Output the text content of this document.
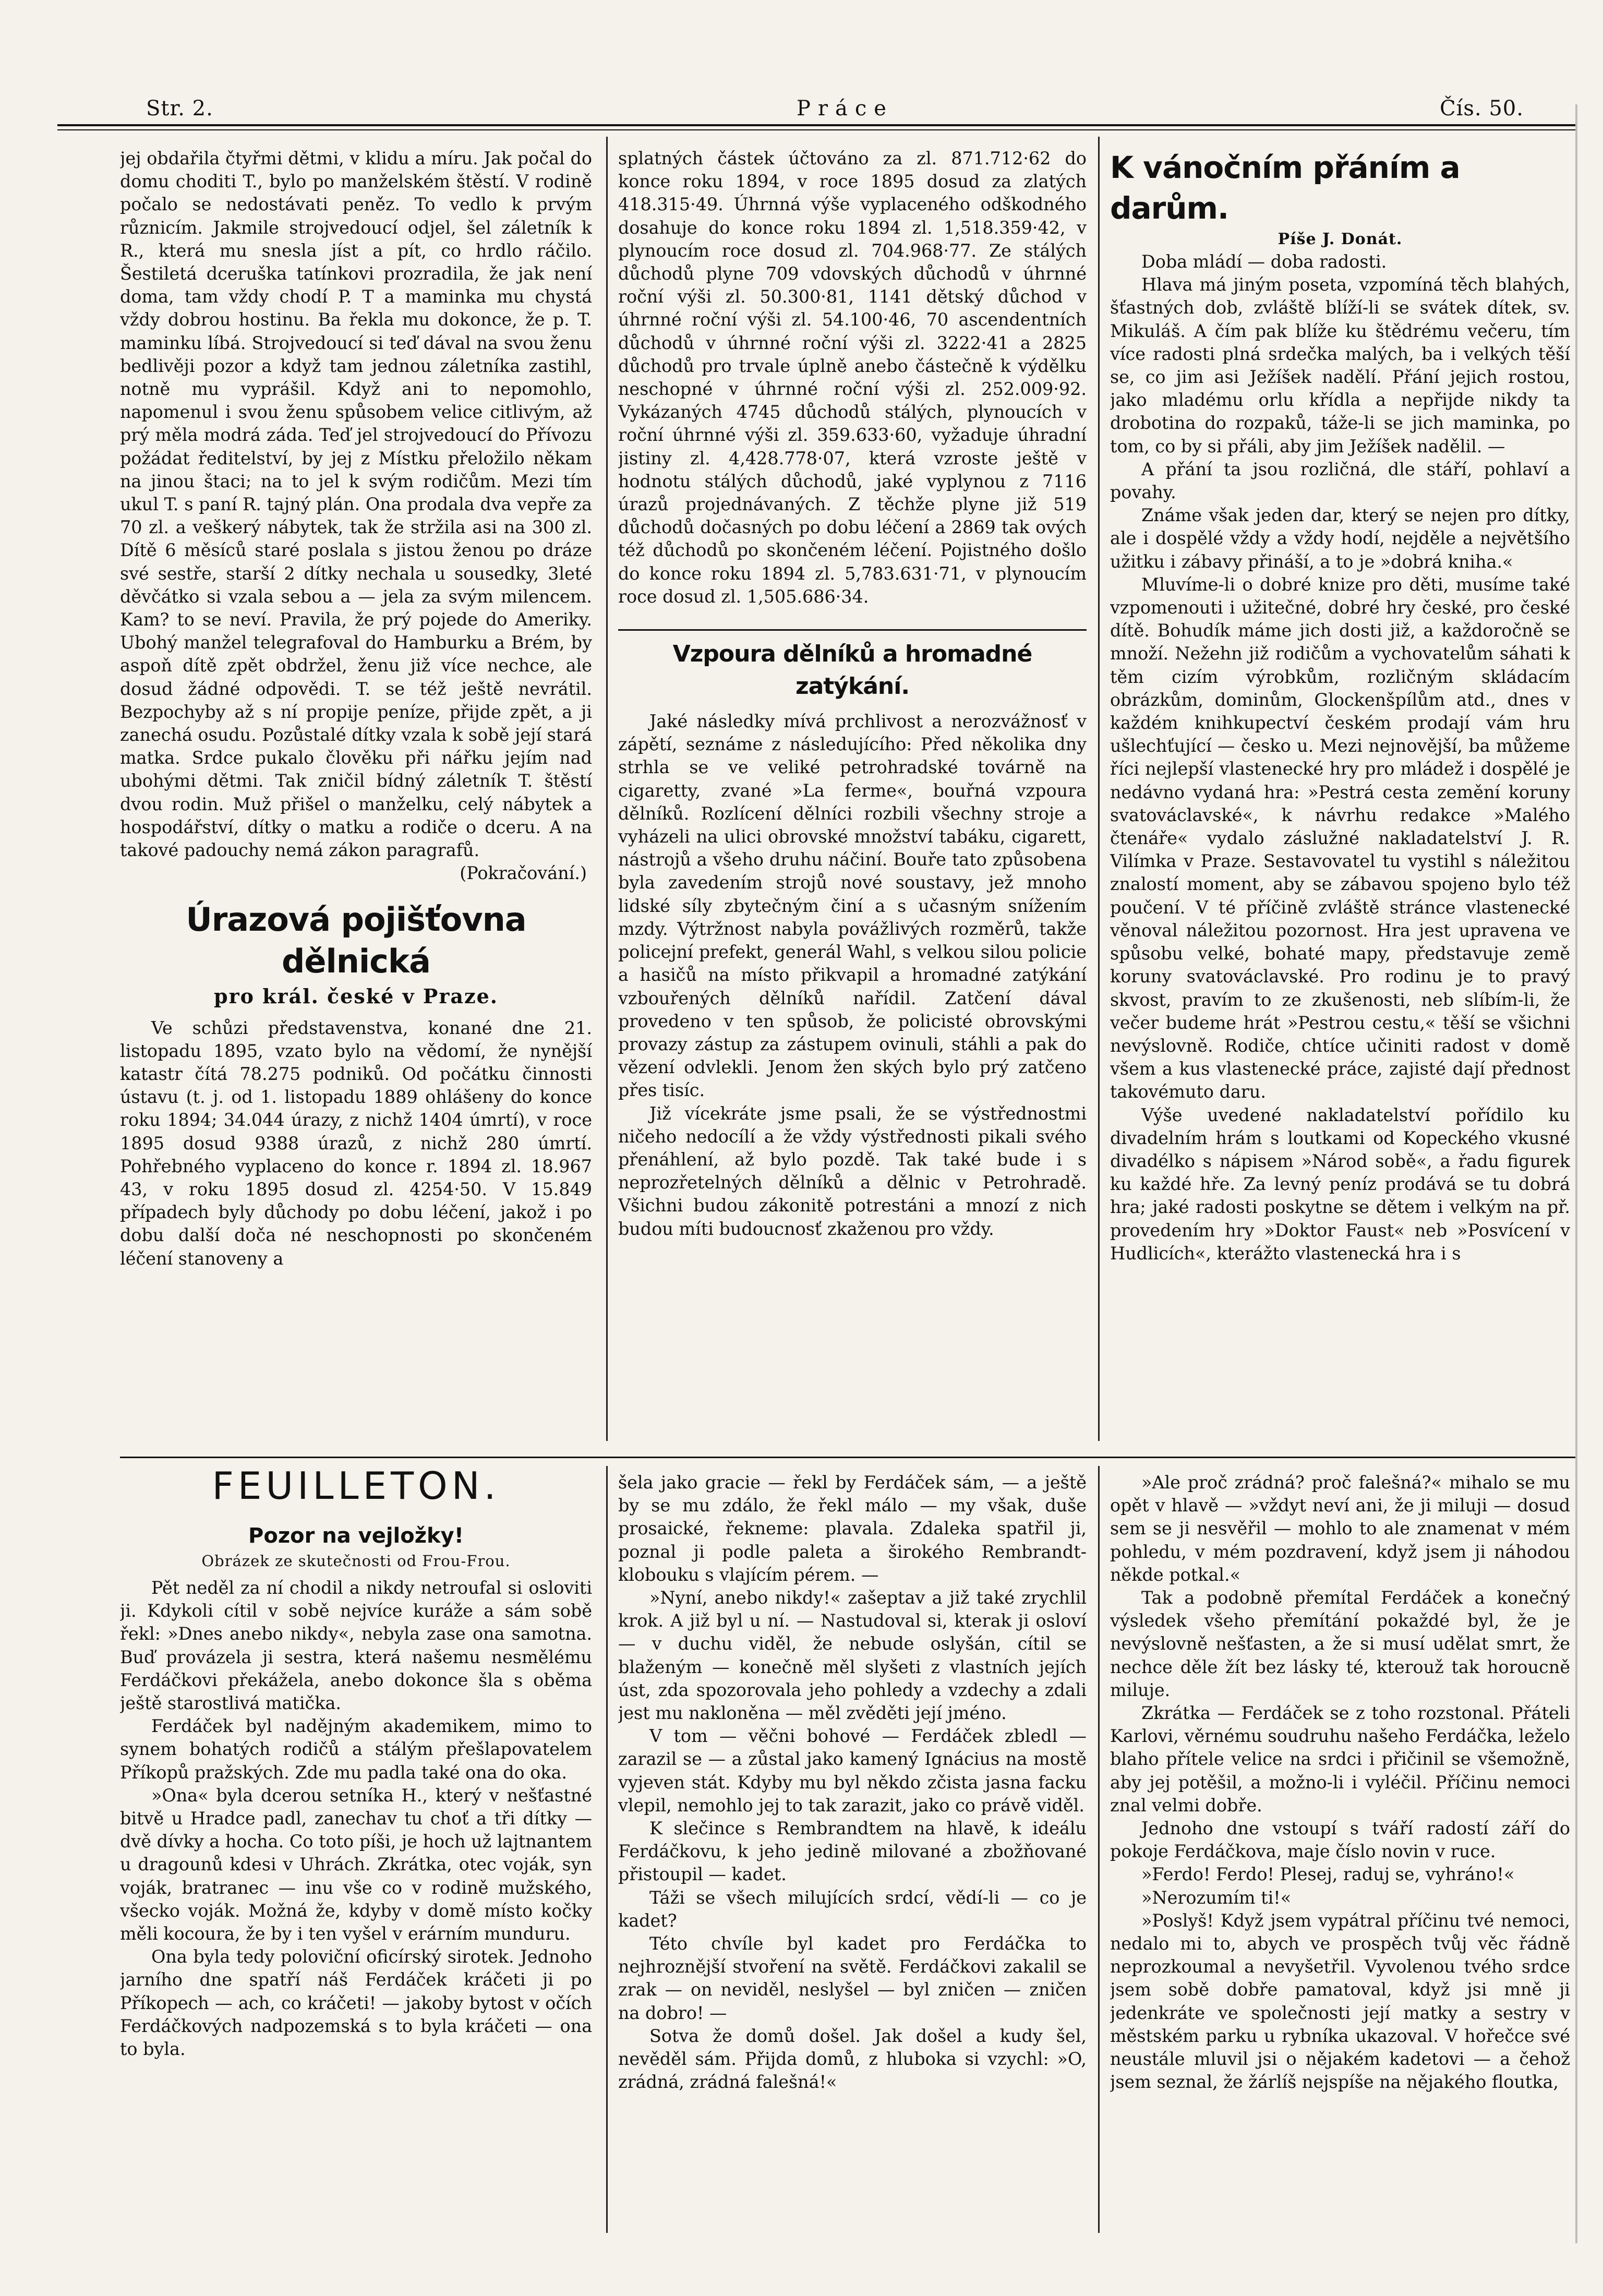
Str. 2.	Práce	Čís. 50.

jej obdařila čtyřmi dětmi, v klidu a míru. Jak počal do domu choditi T., bylo po manželském štěstí. V rodině počalo se nedostávati peněz. To vedlo k prvým různicím. Jakmile strojvedoucí odjel, šel záletník k R., která mu snesla jíst a pít, co hrdlo ráčilo. Šestiletá dceruška tatínkovi prozradila, že jak není doma, tam vždy chodí P. T a maminka mu chystá vždy dobrou hostinu. Ba řekla mu dokonce, že p. T. maminku líbá. Strojvedoucí si teď dával na svou ženu bedlivěji pozor a když tam jednou záletníka zastihl, notně mu vyprášil. Když ani to nepomohlo, napomenul i svou ženu spůsobem velice citlivým, až prý měla modrá záda. Teď jel strojvedoucí do Přívozu požádat ředitelství, by jej z Místku přeložilo někam na jinou štaci; na to jel k svým rodičům. Mezi tím ukul T. s paní R. tajný plán. Ona prodala dva vepře za 70 zl. a veškerý nábytek, tak že stržila asi na 300 zl. Dítě 6 měsíců staré poslala s jistou ženou po dráze své sestře, starší 2 dítky nechala u sousedky, 3leté děvčátko si vzala sebou a — jela za svým milencem. Kam? to se neví. Pravila, že prý pojede do Ameriky. Ubohý manžel telegrafoval do Hamburku a Brém, by aspoň dítě zpět obdržel, ženu již více nechce, ale dosud žádné odpovědi. T. se též ještě nevrátil. Bezpochyby až s ní propije peníze, přijde zpět, a ji zanechá osudu. Pozůstalé dítky vzala k sobě její stará matka. Srdce pukalo člověku při nářku jejím nad ubohými dětmi. Tak zničil bídný záletník T. štěstí dvou rodin. Muž přišel o manželku, celý nábytek a hospodářství, dítky o matku a rodiče o dceru. A na takové padouchy nemá zákon paragrafů.

(Pokračování.)
Úrazová pojišťovna dělnická
pro král. české v Praze.

Ve schůzi představenstva, konané dne 21. listopadu 1895, vzato bylo na vědomí, že nynější katastr čítá 78.275 podniků. Od počátku činnosti ústavu (t. j. od 1. listopadu 1889 ohlášeny do konce roku 1894; 34.044 úrazy, z nichž 1404 úmrtí), v roce 1895 dosud 9388 úrazů, z nichž 280 úmrtí. Pohřebného vyplaceno do konce r. 1894 zl. 18.967 43, v roku 1895 dosud zl. 4254·50. V 15.849 případech byly důchody po dobu léčení, jakož i po dobu další doča né neschopnosti po skončeném léčení stanoveny a

splatných částek účtováno za zl. 871.712·62 do konce roku 1894, v roce 1895 dosud za zlatých 418.315·49. Úhrnná výše vyplaceného odškodného dosahuje do konce roku 1894 zl. 1,518.359·42, v plynoucím roce dosud zl. 704.968·77. Ze stálých důchodů plyne 709 vdovských důchodů v úhrnné roční výši zl. 50.300·81, 1141 dětský důchod v úhrnné roční výši zl. 54.100·46, 70 ascendentních důchodů v úhrnné roční výši zl. 3222·41 a 2825 důchodů pro trvale úplně anebo částečně k výdělku neschopné v úhrnné roční výši zl. 252.009·92. Vykázaných 4745 důchodů stálých, plynoucích v roční úhrnné výši zl. 359.633·60, vyžaduje úhradní jistiny zl. 4,428.778·07, která vzroste ještě v hodnotu stálých důchodů, jaké vyplynou z 7116 úrazů projednávaných. Z těchže plyne již 519 důchodů dočasných po dobu léčení a 2869 tak ových též důchodů po skončeném léčení. Pojistného došlo do konce roku 1894 zl. 5,783.631·71, v plynoucím roce dosud zl. 1,505.686·34.

Vzpoura dělníků a hromadné zatýkání.

Jaké následky mívá prchlivost a nerozvážnosť v zápětí, seznáme z následujícího: Před několika dny strhla se ve veliké petrohradské továrně na cigaretty, zvané »La ferme«, bouřná vzpoura dělníků. Rozlícení dělníci rozbili všechny stroje a vyházeli na ulici obrovské množství tabáku, cigarett, nástrojů a všeho druhu náčiní. Bouře tato způsobena byla zavedením strojů nové soustavy, jež mnoho lidské síly zbytečným činí a s učasným snížením mzdy. Výtržnost nabyla povážlivých rozměrů, takže policejní prefekt, generál Wahl, s velkou silou policie a hasičů na místo přikvapil a hromadné zatýkání vzbouřených dělníků nařídil. Zatčení dával provedeno v ten spůsob, že policisté obrovskými provazy zástup za zástupem ovinuli, stáhli a pak do vězení odvlekli. Jenom žen ských bylo prý zatčeno přes tisíc.

Již vícekráte jsme psali, že se výstřednostmi ničeho nedocílí a že vždy výstřednosti pikali svého přenáhlení, až bylo pozdě. Tak také bude i s neprozřetelných dělníků a dělnic v Petrohradě. Všichni budou zákonitě potrestáni a mnozí z nich budou míti budoucnosť zkaženou pro vždy.

K vánočním přáním a darům.
Píše J. Donát.

Doba mládí — doba radosti.

Hlava má jiným poseta, vzpomíná těch blahých, šťastných dob, zvláště blíží-li se svátek dítek, sv. Mikuláš. A čím pak blíže ku štědrému večeru, tím více radosti plná srdečka malých, ba i velkých těší se, co jim asi Ježíšek nadělí. Přání jejich rostou, jako mladému orlu křídla a nepřijde nikdy ta drobotina do rozpaků, táže-li se jich maminka, po tom, co by si přáli, aby jim Ježíšek nadělil. —

A přání ta jsou rozličná, dle stáří, pohlaví a povahy.

Známe však jeden dar, který se nejen pro dítky, ale i dospělé vždy a vždy hodí, nejděle a největšího užitku i zábavy přináší, a to je »dobrá kniha.«

Mluvíme-li o dobré knize pro děti, musíme také vzpomenouti i užitečné, dobré hry české, pro české dítě. Bohudík máme jich dosti již, a každoročně se množí. Nežehn již rodičům a vychovatelům sáhati k těm cizím výrobkům, rozličným skládacím obrázkům, dominům, Glockenšpílům atd., dnes v každém knihkupectví českém prodají vám hru ušlechťující — česko u. Mezi nejnovější, ba můžeme říci nejlepší vlastenecké hry pro mládež i dospělé je nedávno vydaná hra: »Pestrá cesta zemění koruny svatováclavské«, k návrhu redakce »Malého čtenáře« vydalo záslužné nakladatelství J. R. Vilímka v Praze. Sestavovatel tu vystihl s náležitou znalostí moment, aby se zábavou spojeno bylo též poučení. V té příčině zvláště stránce vlastenecké věnoval náležitou pozornost. Hra jest upravena ve spůsobu velké, bohaté mapy, představuje země koruny svatováclavské. Pro rodinu je to pravý skvost, pravím to ze zkušenosti, neb slíbím-li, že večer budeme hrát »Pestrou cestu,« těší se všichni nevýslovně. Rodiče, chtíce učiniti radost v domě všem a kus vlastenecké práce, zajisté dají přednost takovémuto daru.

Výše uvedené nakladatelství pořídilo ku divadelním hrám s loutkami od Kopeckého vkusné divadélko s nápisem »Národ sobě«, a řadu figurek ku každé hře. Za levný peníz prodává se tu dobrá hra; jaké radosti poskytne se dětem i velkým na př. provedením hry »Doktor Faust« neb »Posvícení v Hudlicích«, kterážto vlastenecká hra i s

FEUILLETON.
Pozor na vejložky!
Obrázek ze skutečnosti od Frou-Frou.

Pět neděl za ní chodil a nikdy netroufal si osloviti ji. Kdykoli cítil v sobě nejvíce kuráže a sám sobě řekl: »Dnes anebo nikdy«, nebyla zase ona samotna. Buď provázela ji sestra, která našemu nesmělému Ferdáčkovi překážela, anebo dokonce šla s oběma ještě starostlivá matička.

Ferdáček byl nadějným akademikem, mimo to synem bohatých rodičů a stálým přešlapovatelem Příkopů pražských. Zde mu padla také ona do oka.

»Ona« byla dcerou setníka H., který v nešťastné bitvě u Hradce padl, zanechav tu choť a tři dítky — dvě dívky a hocha. Co toto píši, je hoch už lajtnantem u dragounů kdesi v Uhrách. Zkrátka, otec voják, syn voják, bratranec — inu vše co v rodině mužského, všecko voják. Možná že, kdyby v domě místo kočky měli kocoura, že by i ten vyšel v erárním munduru.

Ona byla tedy poloviční oficírský sirotek. Jednoho jarního dne spatří náš Ferdáček kráčeti ji po Příkopech — ach, co kráčeti! — jakoby bytost v očích Ferdáčkových nadpozemská s to byla kráčeti — ona to byla.

šela jako gracie — řekl by Ferdáček sám, — a ještě by se mu zdálo, že řekl málo — my však, duše prosaické, řekneme: plavala. Zdaleka spatřil ji, poznal ji podle paleta a širokého Rembrandt-klobouku s vlajícím pérem. —

»Nyní, anebo nikdy!« zašeptav a již také zrychlil krok. A již byl u ní. — Nastudoval si, kterak ji osloví — v duchu viděl, že nebude oslyšán, cítil se blaženým — konečně měl slyšeti z vlastních jejích úst, zda spozorovala jeho pohledy a vzdechy a zdali jest mu nakloněna — měl zvěděti její jméno.

V tom — věčni bohové — Ferdáček zbledl — zarazil se — a zůstal jako kamený Ignácius na mostě vyjeven stát. Kdyby mu byl někdo zčista jasna facku vlepil, nemohlo jej to tak zarazit, jako co právě viděl.

K slečince s Rembrandtem na hlavě, k ideálu Ferdáčkovu, k jeho jedině milované a zbožňované přistoupil — kadet.

Táži se všech milujících srdcí, vědí-li — co je kadet?

Této chvíle byl kadet pro Ferdáčka to nejhroznější stvoření na světě. Ferdáčkovi zakalil se zrak — on neviděl, neslyšel — byl zničen — zničen na dobro! —

Sotva že domů došel. Jak došel a kudy šel, nevěděl sám. Přijda domů, z hluboka si vzychl: »O, zrádná, zrádná falešná!«

»Ale proč zrádná? proč falešná?« mihalo se mu opět v hlavě — »vždyt neví ani, že ji miluji — dosud sem se ji nesvěřil — mohlo to ale znamenat v mém pohledu, v mém pozdravení, když jsem ji náhodou někde potkal.«

Tak a podobně přemítal Ferdáček a konečný výsledek všeho přemítání pokaždé byl, že je nevýslovně nešťasten, a že si musí udělat smrt, že nechce děle žít bez lásky té, kterouž tak horoucně miluje.

Zkrátka — Ferdáček se z toho rozstonal. Přáteli Karlovi, věrnému soudruhu našeho Ferdáčka, leželo blaho přítele velice na srdci i přičinil se všemožně, aby jej potěšil, a možno-li i vyléčil. Příčinu nemoci znal velmi dobře.

Jednoho dne vstoupí s tváří radostí září do pokoje Ferdáčkova, maje číslo novin v ruce.

»Ferdo! Ferdo! Plesej, raduj se, vyhráno!«

»Nerozumím ti!«

»Poslyš! Když jsem vypátral příčinu tvé nemoci, nedalo mi to, abych ve prospěch tvůj věc řádně neprozkoumal a nevyšetřil. Vyvolenou tvého srdce jsem sobě dobře pamatoval, když jsi mně ji jedenkráte ve společnosti její matky a sestry v městském parku u rybníka ukazoval. V hořečce své neustále mluvil jsi o nějakém kadetovi — a čehož jsem seznal, že žárlíš nejspíše na nějakého floutka,
